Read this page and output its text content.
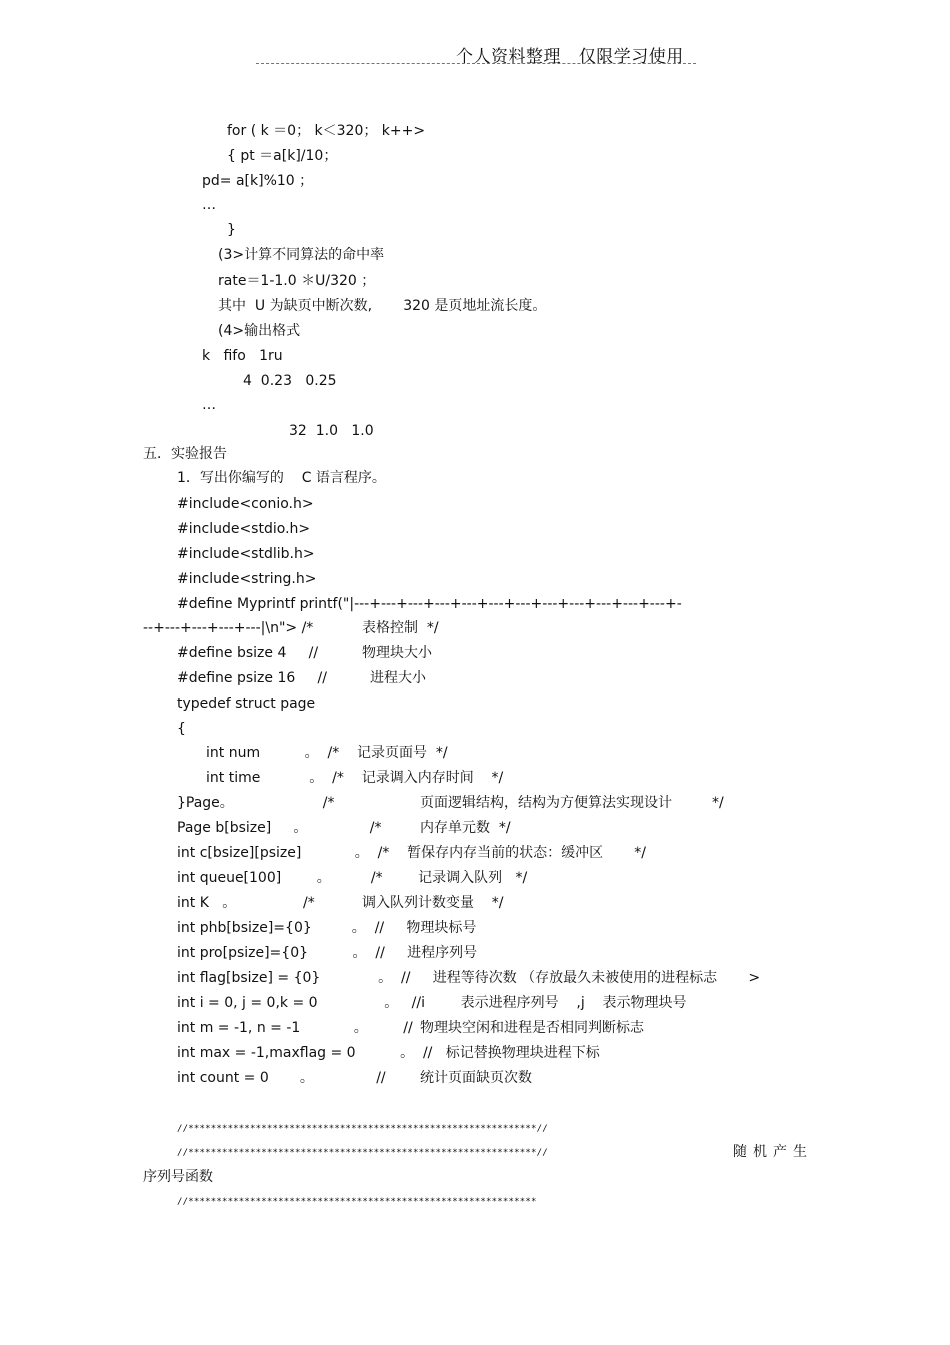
个人资料整理   仅限学习使用
for ( k ＝0； k＜320； k++>
{ pt ＝a[k]/10；
pd= a[k]%10 ；
…
}
(3>计算不同算法的命中率
rate＝1-1.0 ＊U/320 ；
其中  U 为缺页中断次数,       320 是页地址流长度。
(4>输出格式
k   fifo   1ru
4  0.23   0.25
…
32  1.0   1.0
五．实验报告
1．写出你编写的    C 语言程序。
#include<conio.h>
#include<stdio.h>
#include<stdlib.h>
#include<string.h>
#define Myprintf printf("|---+---+---+---+---+---+---+---+---+---+---+---+-
--+---+---+---+---|\n"> /*	表格控制  */
#define bsize 4     //	物理块大小
#define psize 16     //	进程大小
typedef struct page
{
int num          。  /*    记录页面号  */
int time           。  /*    记录调入内存时间    */
}Page。                    /*	页面逻辑结构，结构为方便算法实现设计         */
Page b[bsize]     。              /*	内存单元数  */
int c[bsize][psize]            。  /*    暂保存内存当前的状态：缓冲区       */
int queue[100]        。         /*        记录调入队列   */
int K   。               /*	调入队列计数变量    */
int phb[bsize]={0}         。  //     物理块标号
int pro[psize]={0}          。  //     进程序列号
int flag[bsize] = {0}             。  //     进程等待次数 （存放最久未被使用的进程标志       >
int i = 0, j = 0,k = 0               。   //i        表示进程序列号    ,j    表示物理块号
int m = -1, n = -1            。        // 物理块空闲和进程是否相同判断标志
int max = -1,maxflag = 0          。  //   标记替换物理块进程下标
int count = 0       。              // 统计页面缺页次数
//**************************************************************//
//**************************************************************//	随机产生
序列号函数
//**************************************************************
